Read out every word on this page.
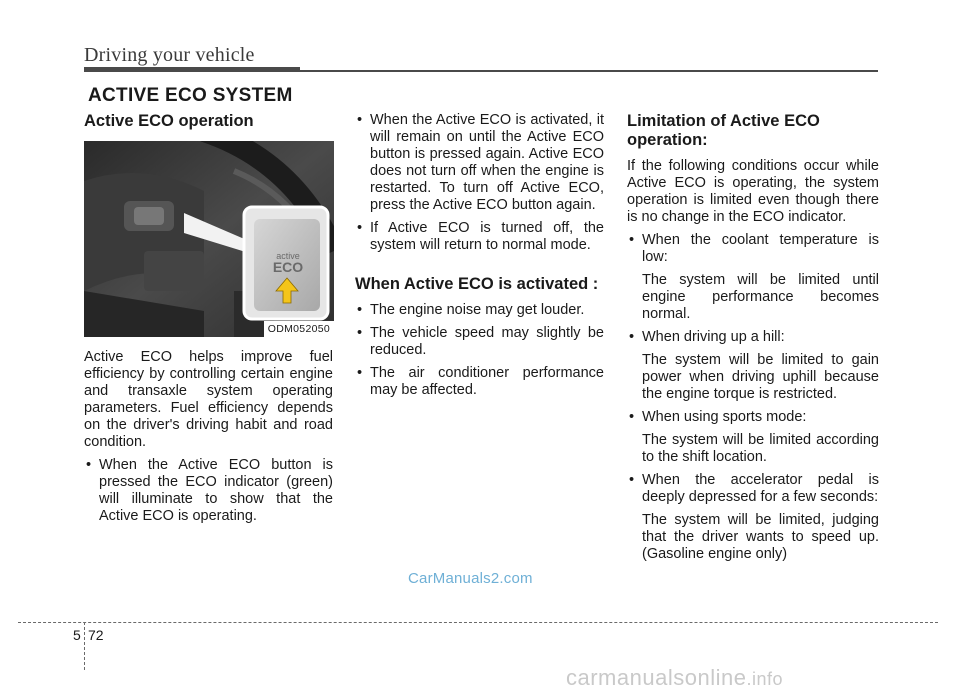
Driving your vehicle
ACTIVE ECO SYSTEM
Active ECO operation
active
ECO
ODM052050

Active ECO helps improve fuel efficiency by controlling certain engine and transaxle system operating parameters. Fuel efficiency depends on the driver's driving habit and road condition.

• When the Active ECO button is pressed the ECO indicator (green) will illuminate to show that the Active ECO is operating.

• When the Active ECO is activated, it will remain on until the Active ECO button is pressed again. Active ECO does not turn off when the engine is restarted. To turn off Active ECO, press the Active ECO button again.

• If Active ECO is turned off, the system will return to normal mode.

When Active ECO is activated :

• The engine noise may get louder.

• The vehicle speed may slightly be reduced.

• The air conditioner performance may be affected.

Limitation of Active ECO operation:

If the following conditions occur while Active ECO is operating, the system operation is limited even though there is no change in the ECO indicator.

• When the coolant temperature is low:

The system will be limited until engine performance becomes normal.

• When driving up a hill:

The system will be limited to gain power when driving uphill because the engine torque is restricted.

• When using sports mode:

The system will be limited according to the shift location.

• When the accelerator pedal is deeply depressed for a few seconds:

The system will be limited, judging that the driver wants to speed up. (Gasoline engine only)

CarManuals2.com
5 72
carmanualsonline.info
